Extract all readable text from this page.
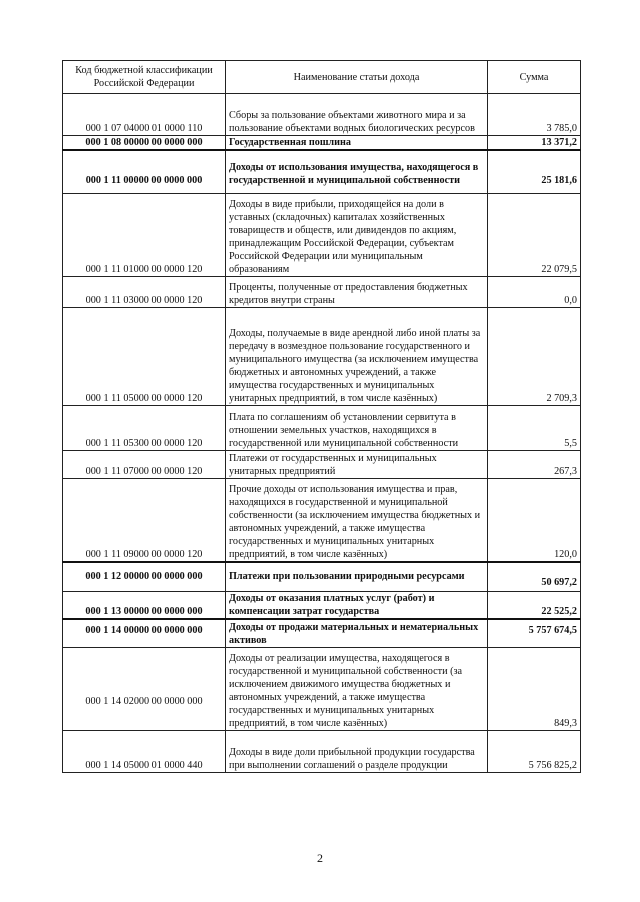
Код бюджетной классификации Российской Федерации	Наименование статьи дохода	Сумма
000 1 07 04000 01 0000 110	Сборы за пользование объектами животного мира и за пользование объектами водных биологических ресурсов	3 785,0
000 1 08 00000 00 0000 000	Государственная пошлина	13 371,2
000 1 11 00000 00 0000 000	Доходы от использования имущества, находящегося в государственной и муниципальной собственности	25 181,6
000 1 11 01000 00 0000 120	Доходы в виде прибыли, приходящейся на доли в уставных (складочных) капиталах хозяйственных товариществ и обществ, или дивидендов по акциям, принадлежащим Российской Федерации, субъектам Российской Федерации или муниципальным образованиям	22 079,5
000 1 11 03000 00 0000 120	Проценты, полученные от предоставления бюджетных кредитов внутри страны	0,0
000 1 11 05000 00 0000 120	Доходы, получаемые в виде арендной либо иной платы за передачу в возмездное пользование государственного и муниципального имущества (за исключением имущества бюджетных и автономных учреждений, а также имущества государственных и муниципальных унитарных предприятий, в том числе казённых)	2 709,3
000 1 11 05300 00 0000 120	Плата по соглашениям об установлении сервитута в отношении земельных участков, находящихся в государственной или муниципальной собственности	5,5
000 1 11 07000 00 0000 120	Платежи от государственных и муниципальных унитарных предприятий	267,3
000 1 11 09000 00 0000 120	Прочие доходы от использования имущества и прав, находящихся в государственной и муниципальной собственности (за исключением имущества бюджетных и автономных учреждений, а также имущества государственных и муниципальных унитарных предприятий, в том числе казённых)	120,0
000 1 12 00000 00 0000 000	Платежи при пользовании природными ресурсами	50 697,2
000 1 13 00000 00 0000 000	Доходы от оказания платных услуг (работ) и компенсации затрат государства	22 525,2
000 1 14 00000 00 0000 000	Доходы от продажи материальных и нематериальных активов	5 757 674,5
000 1 14 02000 00 0000 000	Доходы от реализации имущества, находящегося в государственной и муниципальной собственности (за исключением движимого имущества бюджетных и автономных учреждений, а также имущества государственных и муниципальных унитарных предприятий, в том числе казённых)	849,3
000 1 14 05000 01 0000 440	Доходы в виде доли прибыльной продукции государства при выполнении соглашений о разделе продукции	5 756 825,2
2
